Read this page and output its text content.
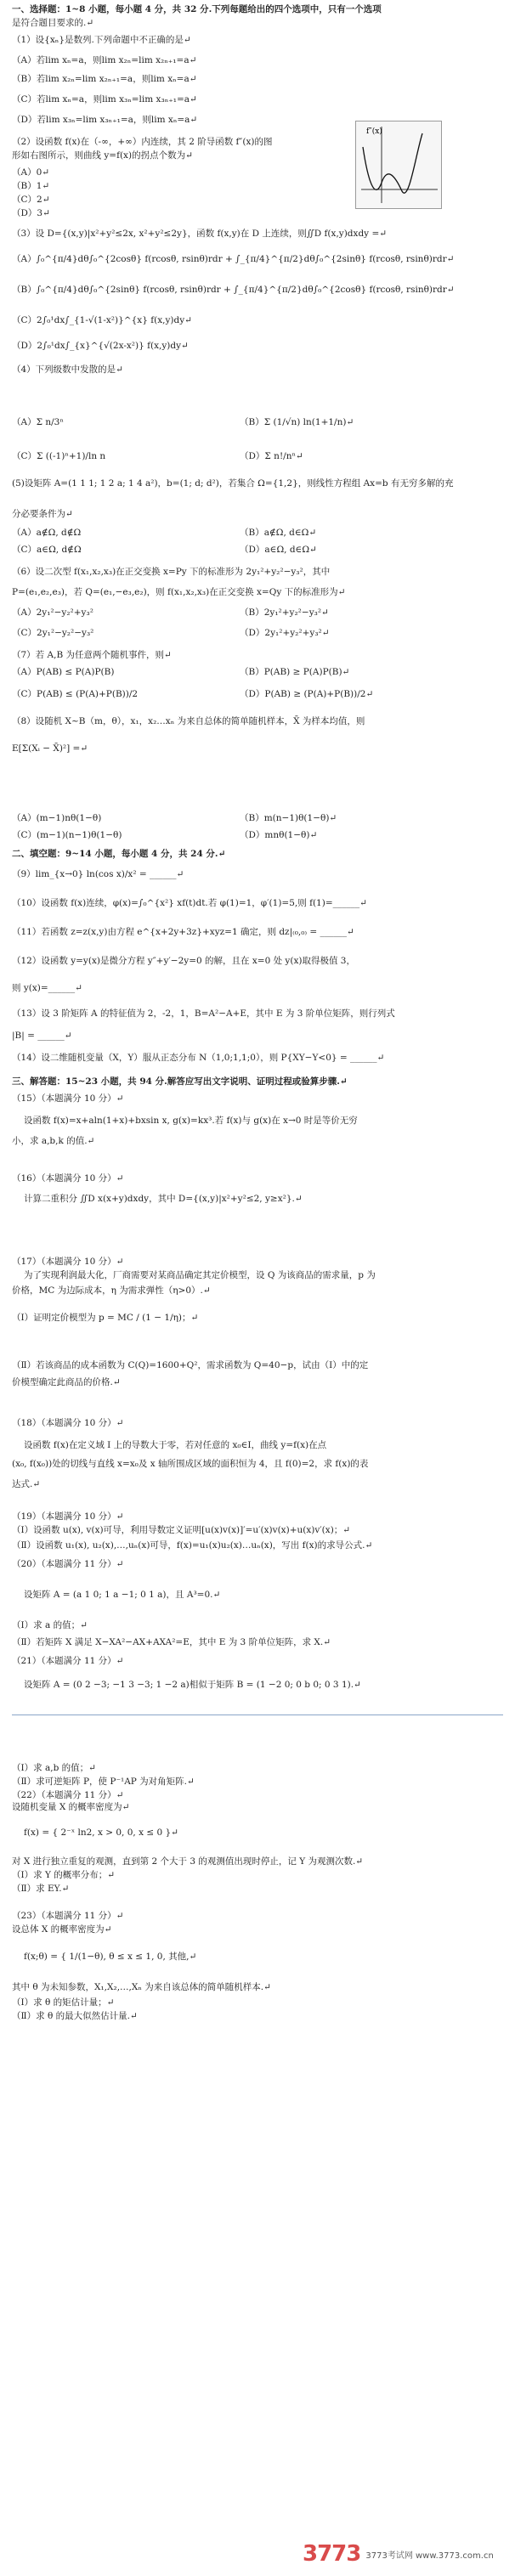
一、选择题：1~8 小题，每小题 4 分，共 32 分.下列每题给出的四个选项中，只有一个选项
是符合题目要求的.↵
（1）设{xₙ}是数列.下列命题中不正确的是↵
（A）若lim xₙ=a，则lim x₂ₙ=lim x₂ₙ₊₁=a↵
（B）若lim x₂ₙ=lim x₂ₙ₊₁=a，则lim xₙ=a↵
（C）若lim xₙ=a，则lim x₃ₙ=lim x₃ₙ₊₁=a↵
（D）若lim x₃ₙ=lim x₃ₙ₊₁=a，则lim xₙ=a↵
（2）设函数 f(x)在（-∞，+∞）内连续，其 2 阶导函数 f″(x)的图
形如右图所示，则曲线 y=f(x)的拐点个数为↵
（A）0↵
（B）1↵
（C）2↵
（D）3↵
f″(x)
（3）设 D={(x,y)|x²+y²≤2x, x²+y²≤2y}，函数 f(x,y)在 D 上连续，则∬D f(x,y)dxdy =↵
（A）∫₀^{π/4}dθ∫₀^{2cosθ} f(rcosθ, rsinθ)rdr + ∫_{π/4}^{π/2}dθ∫₀^{2sinθ} f(rcosθ, rsinθ)rdr↵
（B）∫₀^{π/4}dθ∫₀^{2sinθ} f(rcosθ, rsinθ)rdr + ∫_{π/4}^{π/2}dθ∫₀^{2cosθ} f(rcosθ, rsinθ)rdr↵
（C）2∫₀¹dx∫_{1-√(1-x²)}^{x} f(x,y)dy↵
（D）2∫₀¹dx∫_{x}^{√(2x-x²)} f(x,y)dy↵
（4）下列级数中发散的是↵
（A）Σ n/3ⁿ	（B）Σ (1/√n) ln(1+1/n)↵
（C）Σ ((-1)ⁿ+1)/ln n	（D）Σ n!/nⁿ↵
(5)设矩阵 A=(1 1 1; 1 2 a; 1 4 a²)，b=(1; d; d²)，若集合 Ω={1,2}，则线性方程组 Ax=b 有无穷多解的充
分必要条件为↵
（A）a∉Ω, d∉Ω	（B）a∉Ω, d∈Ω↵
（C）a∈Ω, d∉Ω	（D）a∈Ω, d∈Ω↵
（6）设二次型 f(x₁,x₂,x₃)在正交变换 x=Py 下的标准形为 2y₁²+y₂²−y₃²，其中
P=(e₁,e₂,e₃)，若 Q=(e₁,−e₃,e₂)，则 f(x₁,x₂,x₃)在正交变换 x=Qy 下的标准形为↵
（A）2y₁²−y₂²+y₃²	（B）2y₁²+y₂²−y₃²↵
（C）2y₁²−y₂²−y₃²	（D）2y₁²+y₂²+y₃²↵
（7）若 A,B 为任意两个随机事件，则↵
（A）P(AB) ≤ P(A)P(B)	（B）P(AB) ≥ P(A)P(B)↵
（C）P(AB) ≤ (P(A)+P(B))/2	（D）P(AB) ≥ (P(A)+P(B))/2↵
（8）设随机 X~B（m，θ），x₁，x₂…xₙ 为来自总体的简单随机样本，X̄ 为样本均值，则
E[Σ(Xᵢ − X̄)²] =↵
（A）(m−1)nθ(1−θ)	（B）m(n−1)θ(1−θ)↵
（C）(m−1)(n−1)θ(1−θ)	（D）mnθ(1−θ)↵
二、填空题：9~14 小题，每小题 4 分，共 24 分.↵
（9）lim_{x→0} ln(cos x)/x² = ______↵
（10）设函数 f(x)连续，φ(x)=∫₀^{x²} xf(t)dt.若 φ(1)=1，φ′(1)=5,则 f(1)=______↵
（11）若函数 z=z(x,y)由方程 e^{x+2y+3z}+xyz=1 确定，则 dz|₍₀,₀₎ = ______↵
（12）设函数 y=y(x)是微分方程 y″+y′−2y=0 的解，且在 x=0 处 y(x)取得极值 3，
则 y(x)=______↵
（13）设 3 阶矩阵 A 的特征值为 2，-2，1，B=A²−A+E，其中 E 为 3 阶单位矩阵，则行列式
|B| = ______↵
（14）设二维随机变量（X，Y）服从正态分布 N（1,0;1,1;0），则 P{XY−Y<0} = ______↵
三、解答题：15~23 小题，共 94 分.解答应写出文字说明、证明过程或验算步骤.↵
（15）（本题满分 10 分）↵
设函数 f(x)=x+aln(1+x)+bxsin x, g(x)=kx³.若 f(x)与 g(x)在 x→0 时是等价无穷
小，求 a,b,k 的值.↵
（16）（本题满分 10 分）↵
计算二重积分 ∬D x(x+y)dxdy，其中 D={(x,y)|x²+y²≤2, y≥x²}.↵
（17）（本题满分 10 分）↵
为了实现利润最大化，厂商需要对某商品确定其定价模型，设 Q 为该商品的需求量，p 为
价格，MC 为边际成本，η 为需求弹性（η>0）.↵
（Ⅰ）证明定价模型为 p = MC / (1 − 1/η)；↵
（Ⅱ）若该商品的成本函数为 C(Q)=1600+Q²，需求函数为 Q=40−p，试由（Ⅰ）中的定
价模型确定此商品的价格.↵
（18）（本题满分 10 分）↵
设函数 f(x)在定义域 I 上的导数大于零，若对任意的 x₀∈I，曲线 y=f(x)在点
(x₀, f(x₀))处的切线与直线 x=x₀及 x 轴所围成区域的面积恒为 4，且 f(0)=2，求 f(x)的表
达式.↵
（19）（本题满分 10 分）↵
（Ⅰ）设函数 u(x), v(x)可导，利用导数定义证明[u(x)v(x)]′=u′(x)v(x)+u(x)v′(x)；↵
（Ⅱ）设函数 u₁(x), u₂(x),…,uₙ(x)可导，f(x)=u₁(x)u₂(x)…uₙ(x)，写出 f(x)的求导公式.↵
（20）（本题满分 11 分）↵
设矩阵 A = (a 1 0; 1 a −1; 0 1 a)，且 A³=0.↵
（Ⅰ）求 a 的值；↵
（Ⅱ）若矩阵 X 满足 X−XA²−AX+AXA²=E，其中 E 为 3 阶单位矩阵，求 X.↵
（21）（本题满分 11 分）↵
设矩阵 A = (0 2 −3; −1 3 −3; 1 −2 a)相似于矩阵 B = (1 −2 0; 0 b 0; 0 3 1).↵
（Ⅰ）求 a,b 的值；↵
（Ⅱ）求可逆矩阵 P，使 P⁻¹AP 为对角矩阵.↵
（22）（本题满分 11 分）↵
设随机变量 X 的概率密度为↵
f(x) = { 2⁻ˣ ln2, x > 0, 0, x ≤ 0 }↵
对 X 进行独立重复的观测，直到第 2 个大于 3 的观测值出现时停止，记 Y 为观测次数.↵
（Ⅰ）求 Y 的概率分布；↵
（Ⅱ）求 EY.↵
（23）（本题满分 11 分）↵
设总体 X 的概率密度为↵
f(x;θ) = { 1/(1−θ), θ ≤ x ≤ 1, 0, 其他,↵
其中 θ 为未知参数，X₁,X₂,…,Xₙ 为来自该总体的简单随机样本.↵
（Ⅰ）求 θ 的矩估计量；↵
（Ⅱ）求 θ 的最大似然估计量.↵
3773 3773考试网 www.3773.com.cn
